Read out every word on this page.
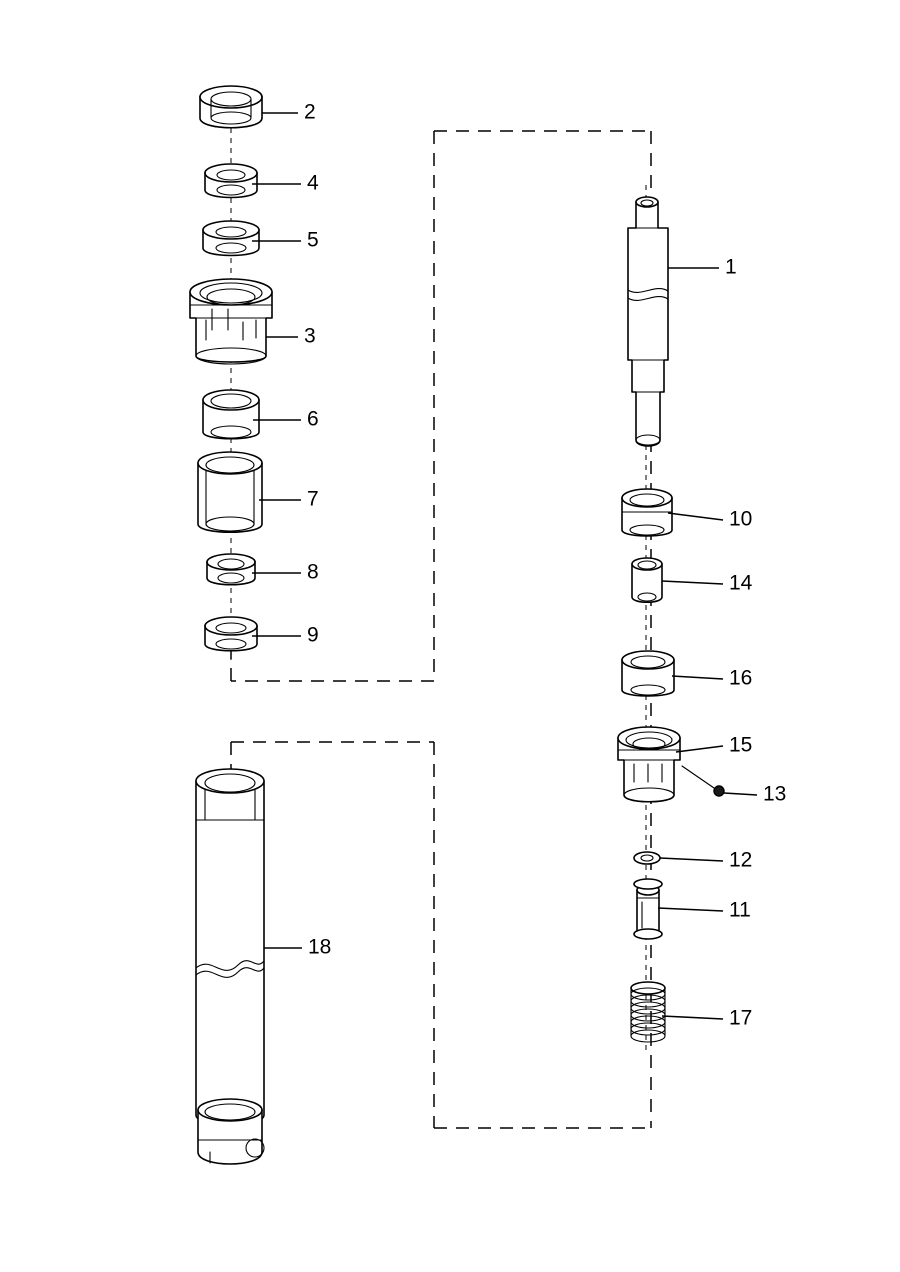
2
4
5
3
6
7
8
9
18
1
10
14
16
15
13
12
11
17
